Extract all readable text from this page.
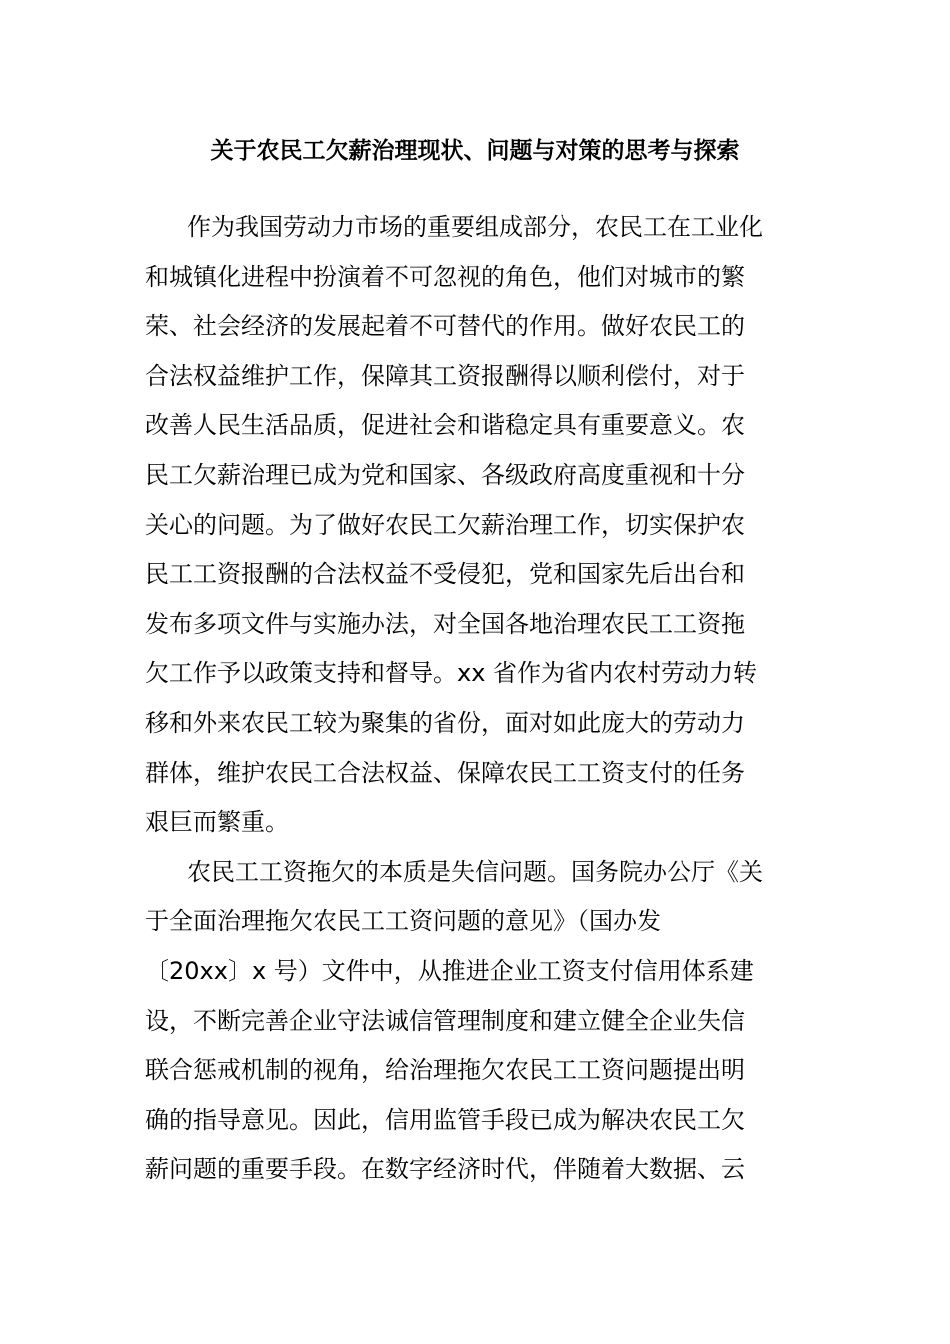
关于农民工欠薪治理现状、问题与对策的思考与探索

作为我国劳动力市场的重要组成部分，农民工在工业化
和城镇化进程中扮演着不可忽视的角色，他们对城市的繁
荣、社会经济的发展起着不可替代的作用。做好农民工的
合法权益维护工作，保障其工资报酬得以顺利偿付，对于
改善人民生活品质，促进社会和谐稳定具有重要意义。农
民工欠薪治理已成为党和国家、各级政府高度重视和十分
关心的问题。为了做好农民工欠薪治理工作，切实保护农
民工工资报酬的合法权益不受侵犯，党和国家先后出台和
发布多项文件与实施办法，对全国各地治理农民工工资拖
欠工作予以政策支持和督导。xx 省作为省内农村劳动力转
移和外来农民工较为聚集的省份，面对如此庞大的劳动力
群体，维护农民工合法权益、保障农民工工资支付的任务
艰巨而繁重。

农民工工资拖欠的本质是失信问题。国务院办公厅《关
于全面治理拖欠农民工工资问题的意见》（国办发
〔20xx〕x 号）文件中，从推进企业工资支付信用体系建
设，不断完善企业守法诚信管理制度和建立健全企业失信
联合惩戒机制的视角，给治理拖欠农民工工资问题提出明
确的指导意见。因此，信用监管手段已成为解决农民工欠
薪问题的重要手段。在数字经济时代，伴随着大数据、云
